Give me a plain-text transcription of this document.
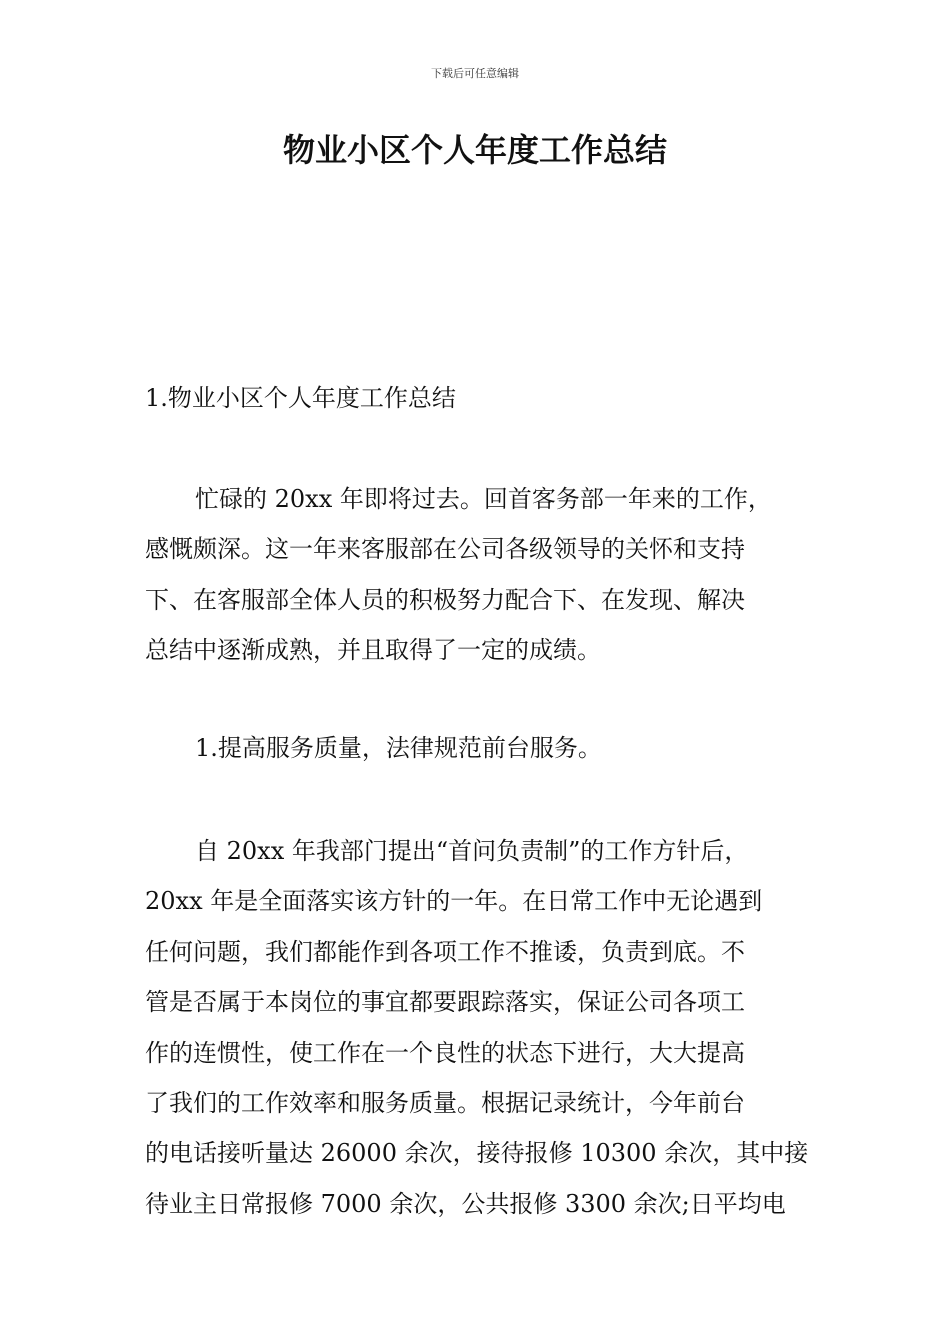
下载后可任意编辑
物业小区个人年度工作总结
1.物业小区个人年度工作总结
忙碌的 20xx 年即将过去。回首客务部一年来的工作，
感慨颇深。这一年来客服部在公司各级领导的关怀和支持
下、在客服部全体人员的积极努力配合下、在发现、解决
总结中逐渐成熟，并且取得了一定的成绩。
1.提高服务质量，法律规范前台服务。
自 20xx 年我部门提出“首问负责制”的工作方针后，
20xx 年是全面落实该方针的一年。在日常工作中无论遇到
任何问题，我们都能作到各项工作不推诿，负责到底。不
管是否属于本岗位的事宜都要跟踪落实，保证公司各项工
作的连惯性，使工作在一个良性的状态下进行，大大提高
了我们的工作效率和服务质量。根据记录统计，今年前台
的电话接听量达 26000 余次，接待报修 10300 余次，其中接
待业主日常报修 7000 余次，公共报修 3300 余次;日平均电
